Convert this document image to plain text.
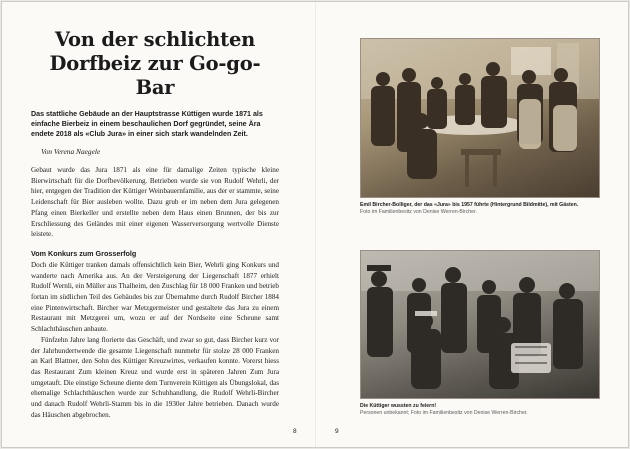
Von der schlichten Dorfbeiz zur Go-go-Bar

Das stattliche Gebäude an der Hauptstrasse Küttigen wurde 1871 als einfache Bierbeiz in einem beschaulichen Dorf gegründet, seine Ära endete 2018 als «Club Jura» in einer sich stark wandelnden Zeit.

Von Verena Naegele

Gebaut wurde das Jura 1871 als eine für damalige Zeiten typische kleine Bierwirtschaft für die Dorfbevölkerung. Betrieben wurde sie von Rudolf Wehrli, der hier, entgegen der Tradition der Küttiger Weinbauernfamilie, aus der er stammte, seine Leidenschaft für Bier ausleben wollte. Dazu grub er im neben dem Jura gelegenen Pfang einen Bierkeller und erstellte neben dem Haus einen Brunnen, der bis zur Erschliessung des Geländes mit einer eigenen Wasserversorgung wertvolle Dienste leistete.

Vom Konkurs zum Grosserfolg

Doch die Küttiger tranken damals offensichtlich kein Bier, Wehrli ging Konkurs und wanderte nach Amerika aus. An der Versteigerung der Liegenschaft 1877 erhielt Rudolf Wernli, ein Müller aus Thalheim, den Zuschlag für 18 000 Franken und betrieb fortan im südlichen Teil des Gebäudes bis zur Übernahme durch Rudolf Bircher 1884 eine Pintenwirtschaft. Bircher war Metzgermeister und gestaltete das Jura zu einem Restaurant mit Metzgerei um, wozu er auf der Nordseite eine Scheune samt Schlachthäuschen anbaute.

Fünfzehn Jahre lang florierte das Geschäft, und zwar so gut, dass Bircher kurz vor der Jahrhundertwende die gesamte Liegenschaft nunmehr für stolze 28 000 Franken an Karl Blattner, den Sohn des Küttiger Kreuzwirtes, verkaufen konnte. Vorerst hiess das Restaurant Zum kleinen Kreuz und wurde erst in späteren Jahren Zum Jura umgetauft. Die einstige Scheune diente dem Turnverein Küttigen als Übungslokal, das ehemalige Schlachthäuschen wurde zur Schuhhandlung, die Rudolf Wehrli-Bircher und danach Rudolf Wehrli-Stamm bis in die 1930er Jahre betrieben. Danach wurde das Häuschen abgebrochen.

Emil Bircher-Bolliger, der das «Jura» bis 1957 führte (Hintergrund Bildmitte), mit Gästen.
Foto im Familienbesitz von Denise Werren-Bircher.

Die Küttiger wussten zu feiern!
Personen unbekannt; Foto im Familienbesitz von Denise Werren-Bircher.

8	9
